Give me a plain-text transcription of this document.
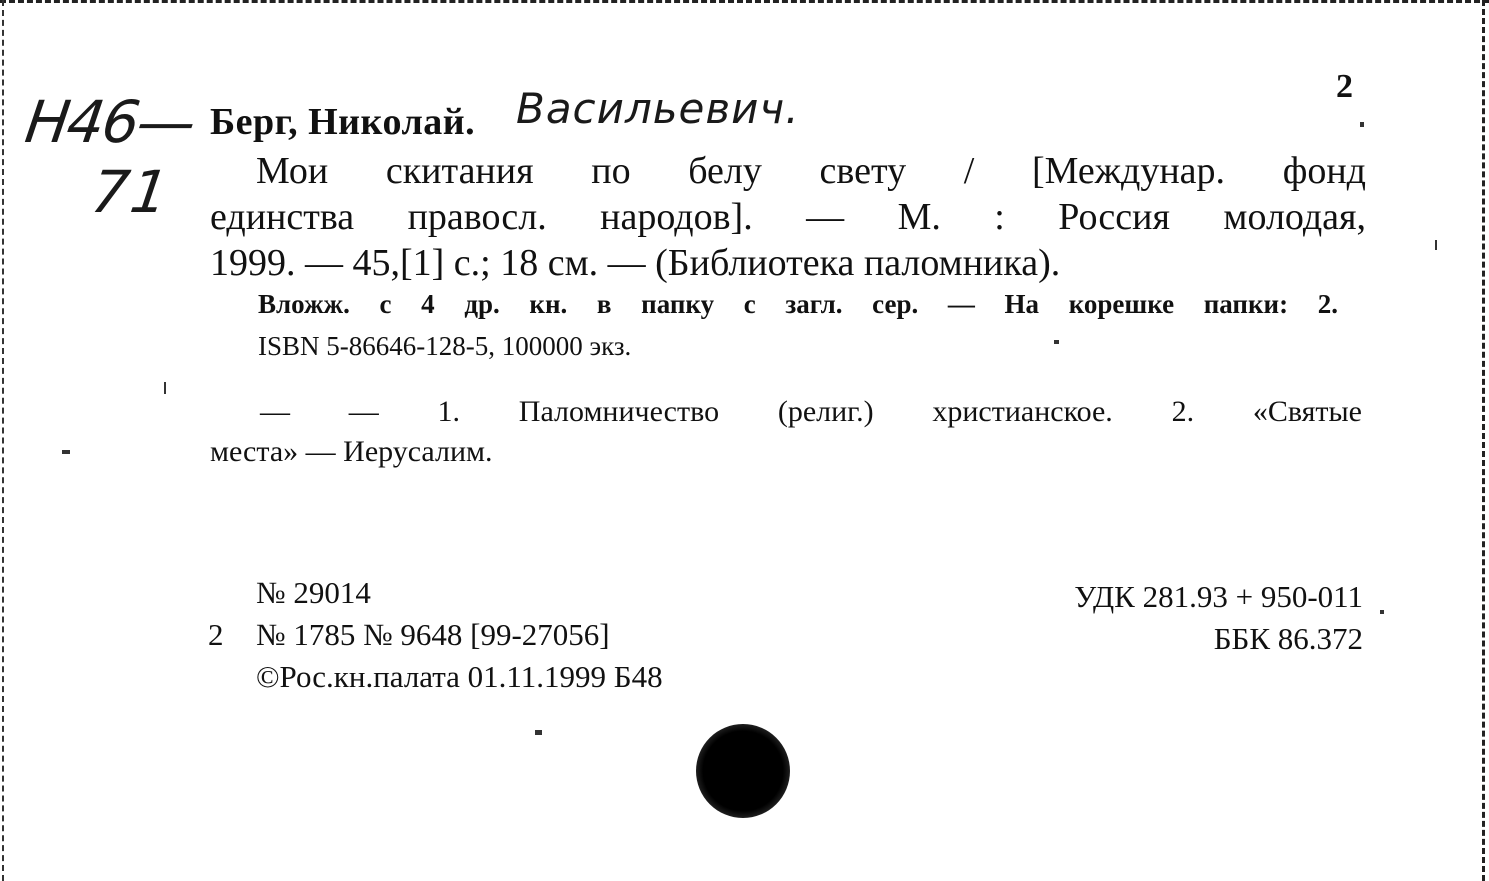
Н46—
71
2
Берг, Николай. Васильевич.
Мои скитания по белу свету / [Междунар. фонд
единства правосл. народов]. — М. : Россия молодая,
1999. — 45,[1] с.; 18 см. — (Библиотека паломника).
Вложж. с 4 др. кн. в папку с загл. сер. — На корешке папки: 2.
ISBN 5-86646-128-5, 100000 экз.
— — 1. Паломничество (религ.) христианское. 2. «Святые
места» — Иерусалим.
№ 29014
2 № 1785 № 9648 [99-27056]
©Рос.кн.палата 01.11.1999 Б48
УДК 281.93 + 950-011
ББК 86.372
